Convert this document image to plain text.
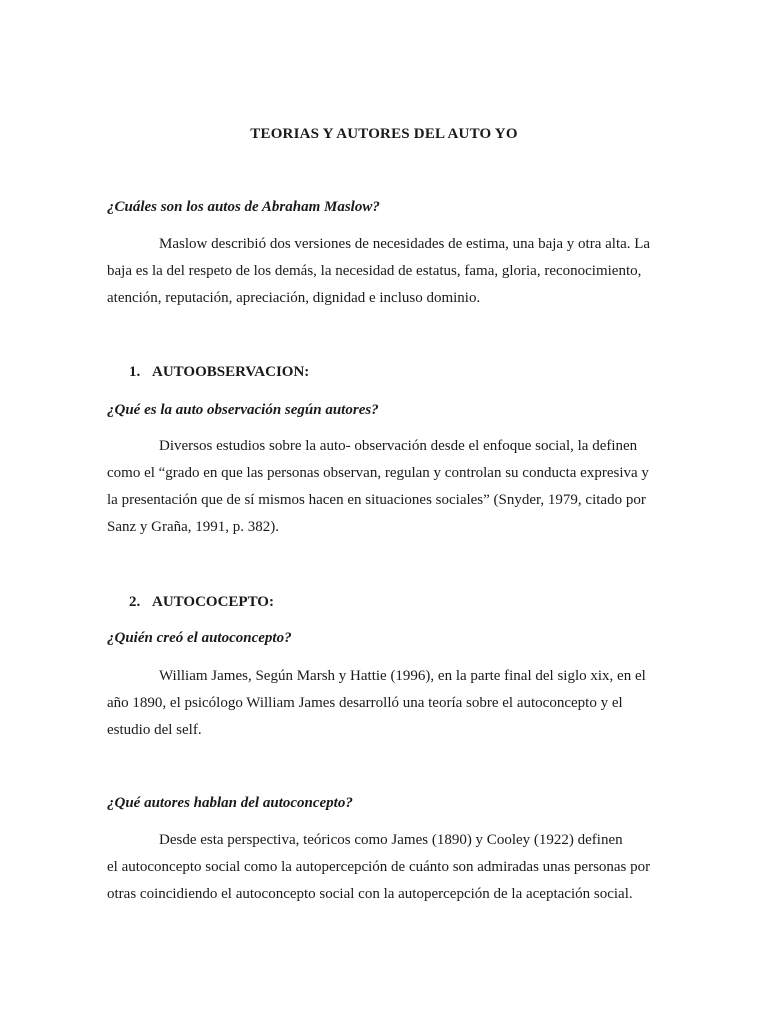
TEORIAS Y AUTORES DEL AUTO YO
¿Cuáles son los autos de Abraham Maslow?
Maslow describió dos versiones de necesidades de estima, una baja y otra alta. La
baja es la del respeto de los demás, la necesidad de estatus, fama, gloria, reconocimiento,
atención, reputación, apreciación, dignidad e incluso dominio.
1. AUTOOBSERVACION:
¿Qué es la auto observación según autores?
Diversos estudios sobre la auto- observación desde el enfoque social, la definen
como el “grado en que las personas observan, regulan y controlan su conducta expresiva y
la presentación que de sí mismos hacen en situaciones sociales” (Snyder, 1979, citado por
Sanz y Graña, 1991, p. 382).
2. AUTOCOCEPTO:
¿Quién creó el autoconcepto?
William James, Según Marsh y Hattie (1996), en la parte final del siglo xix, en el
año 1890, el psicólogo William James desarrolló una teoría sobre el autoconcepto y el
estudio del self.
¿Qué autores hablan del autoconcepto?
Desde esta perspectiva, teóricos como James (1890) y Cooley (1922) definen
el autoconcepto social como la autopercepción de cuánto son admiradas unas personas por
otras coincidiendo el autoconcepto social con la autopercepción de la aceptación social.
